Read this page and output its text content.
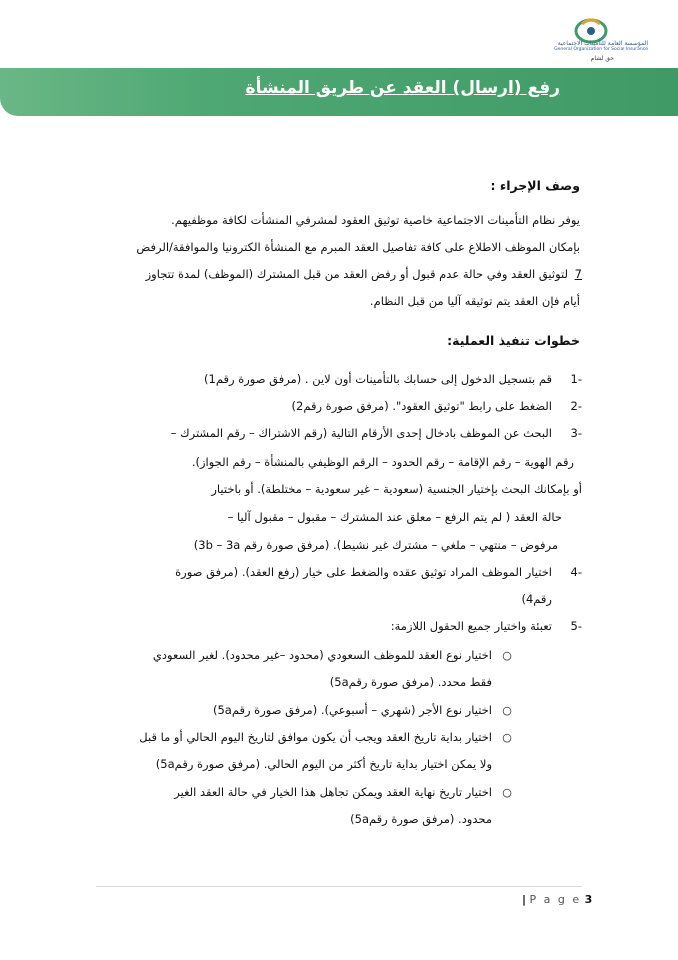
المؤسسة العامة للتأمينات الاجتماعية
General Organization for Social Insurance
حق لشام
رفع (ارسال) العقد عن طريق المنشأة
وصف الإجراء :
يوفر نظام التأمينات الاجتماعية خاصية توثيق العقود لمشرفي المنشأت لكافة موظفيهم.
بإمكان الموظف الاطلاع على كافة تفاصيل العقد المبرم مع المنشأة الكترونيا والموافقة/الرفض
لتوثيق العقد وفي حالة عدم قبول أو رفض العقد من قبل المشترك (الموظف) لمدة تتجاوز 7
أيام فإن العقد يتم توثيقه آليا من قبل النظام.
خطوات تنفيذ العملية:
-1
قم بتسجيل الدخول إلى حسابك بالتأمينات أون لاين . (مرفق صورة رقم1)
-2
الضغط على رابط "توثيق العقود". (مرفق صورة رقم2)
-3
البحث عن الموظف بادخال إحدى الأرقام التالية (رقم الاشتراك – رقم المشترك –
رقم الهوية – رقم الإقامة – رقم الحدود – الرقم الوظيفي بالمنشأة – رقم الجواز).
أو بإمكانك البحث بإختيار الجنسية (سعودية – غير سعودية – مختلطة). أو باختيار
حالة العقد ( لم يتم الرفع – معلق عند المشترك – مقبول – مقبول آليا –
مرفوض – منتهي – ملغي – مشترك غير نشيط). (مرفق صورة رقم 3b – 3a)
-4
اختيار الموظف المراد توثيق عقده والضغط على خيار (رفع العقد). (مرفق صورة
رقم4)
-5
تعبئة واختيار جميع الحقول اللازمة:
○
اختيار نوع العقد للموظف السعودي (محدود –غير محدود). لغير السعودي
فقط محدد. (مرفق صورة رقم5a)
○
اختيار نوع الأجر (شهري – أسبوعي). (مرفق صورة رقم5a)
○
اختيار بداية تاريخ العقد ويجب أن يكون موافق لتاريخ اليوم الحالي أو ما قبل
ولا يمكن اختيار بداية تاريخ أكثر من اليوم الحالي. (مرفق صورة رقم5a)
○
اختيار تاريخ نهاية العقد ويمكن تجاهل هذا الخيار في حالة العقد الغير
محدود. (مرفق صورة رقم5a)
| P a g e 3
